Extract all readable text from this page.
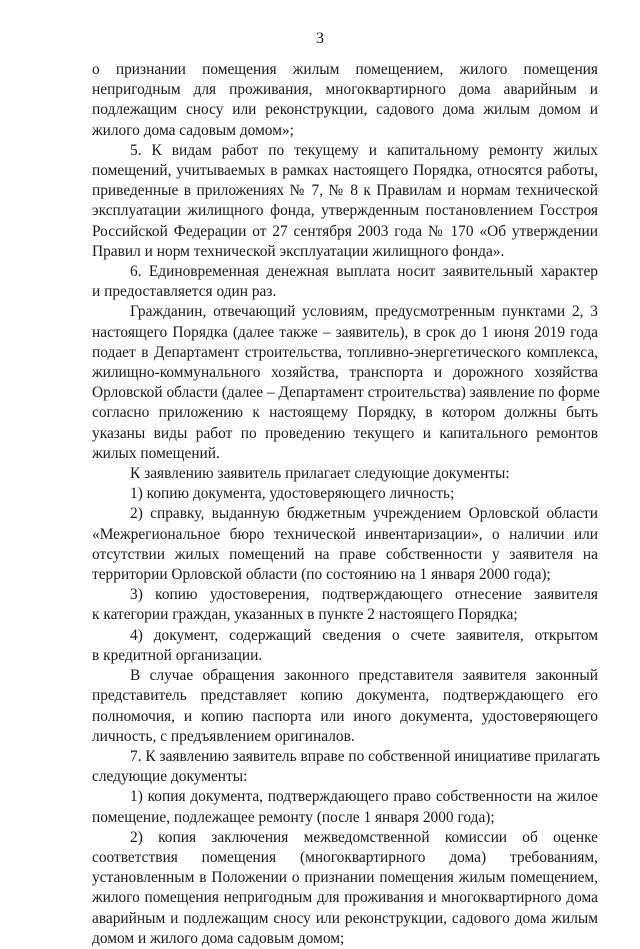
3
о признании помещения жилым помещением, жилого помещения
непригодным для проживания, многоквартирного дома аварийным и
подлежащим сносу или реконструкции, садового дома жилым домом и
жилого дома садовым домом»;
5. К видам работ по текущему и капитальному ремонту жилых
помещений, учитываемых в рамках настоящего Порядка, относятся работы,
приведенные в приложениях № 7, № 8 к Правилам и нормам технической
эксплуатации жилищного фонда, утвержденным постановлением Госстроя
Российской Федерации от 27 сентября 2003 года № 170 «Об утверждении
Правил и норм технической эксплуатации жилищного фонда».
6. Единовременная денежная выплата носит заявительный характер
и предоставляется один раз.
Гражданин, отвечающий условиям, предусмотренным пунктами 2, 3
настоящего Порядка (далее также – заявитель), в срок до 1 июня 2019 года
подает в Департамент строительства, топливно-энергетического комплекса,
жилищно-коммунального хозяйства, транспорта и дорожного хозяйства
Орловской области (далее – Департамент строительства) заявление по форме
согласно приложению к настоящему Порядку, в котором должны быть
указаны виды работ по проведению текущего и капитального ремонтов
жилых помещений.
К заявлению заявитель прилагает следующие документы:
1) копию документа, удостоверяющего личность;
2) справку, выданную бюджетным учреждением Орловской области
«Межрегиональное бюро технической инвентаризации», о наличии или
отсутствии жилых помещений на праве собственности у заявителя на
территории Орловской области (по состоянию на 1 января 2000 года);
3) копию удостоверения, подтверждающего отнесение заявителя
к категории граждан, указанных в пункте 2 настоящего Порядка;
4) документ, содержащий сведения о счете заявителя, открытом
в кредитной организации.
В случае обращения законного представителя заявителя законный
представитель представляет копию документа, подтверждающего его
полномочия, и копию паспорта или иного документа, удостоверяющего
личность, с предъявлением оригиналов.
7. К заявлению заявитель вправе по собственной инициативе прилагать
следующие документы:
1) копия документа, подтверждающего право собственности на жилое
помещение, подлежащее ремонту (после 1 января 2000 года);
2) копия заключения межведомственной комиссии об оценке
соответствия помещения (многоквартирного дома) требованиям,
установленным в Положении о признании помещения жилым помещением,
жилого помещения непригодным для проживания и многоквартирного дома
аварийным и подлежащим сносу или реконструкции, садового дома жилым
домом и жилого дома садовым домом;
